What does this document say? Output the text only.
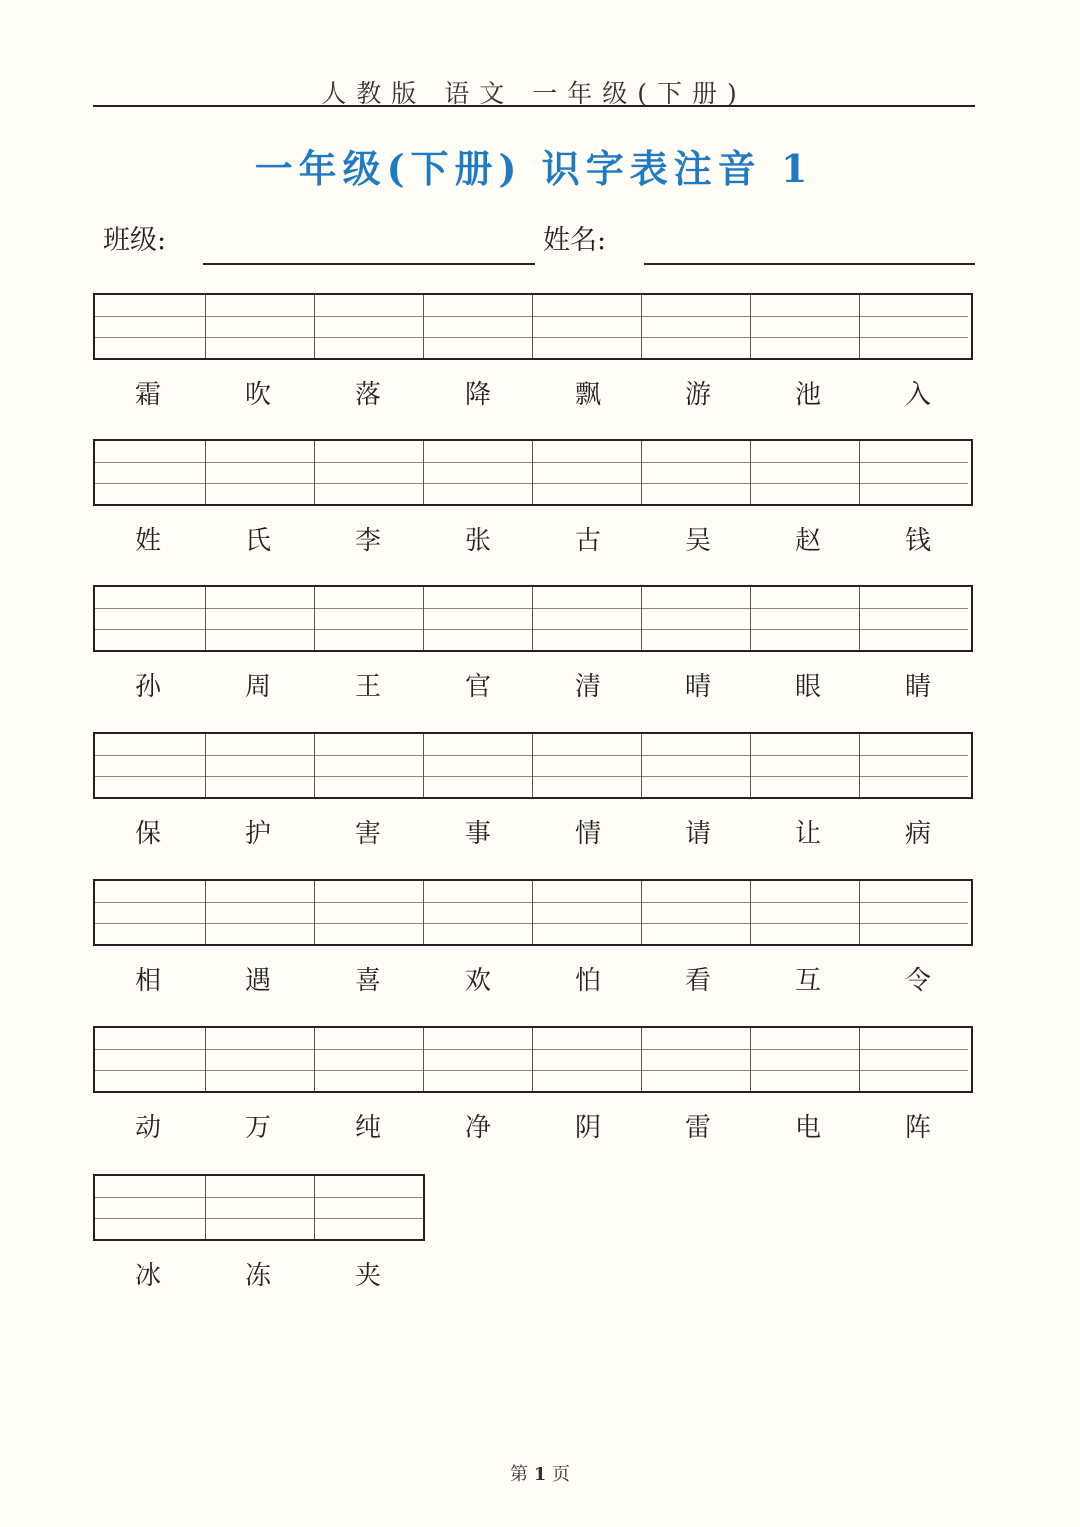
人教版 语文 一年级(下册)
一年级(下册) 识字表注音 1
班级:	姓名:
霜	吹	落	降	飘	游	池	入
姓	氏	李	张	古	吴	赵	钱
孙	周	王	官	清	晴	眼	睛
保	护	害	事	情	请	让	病
相	遇	喜	欢	怕	看	互	令
动	万	纯	净	阴	雷	电	阵
冰	冻	夹
第 1 页
